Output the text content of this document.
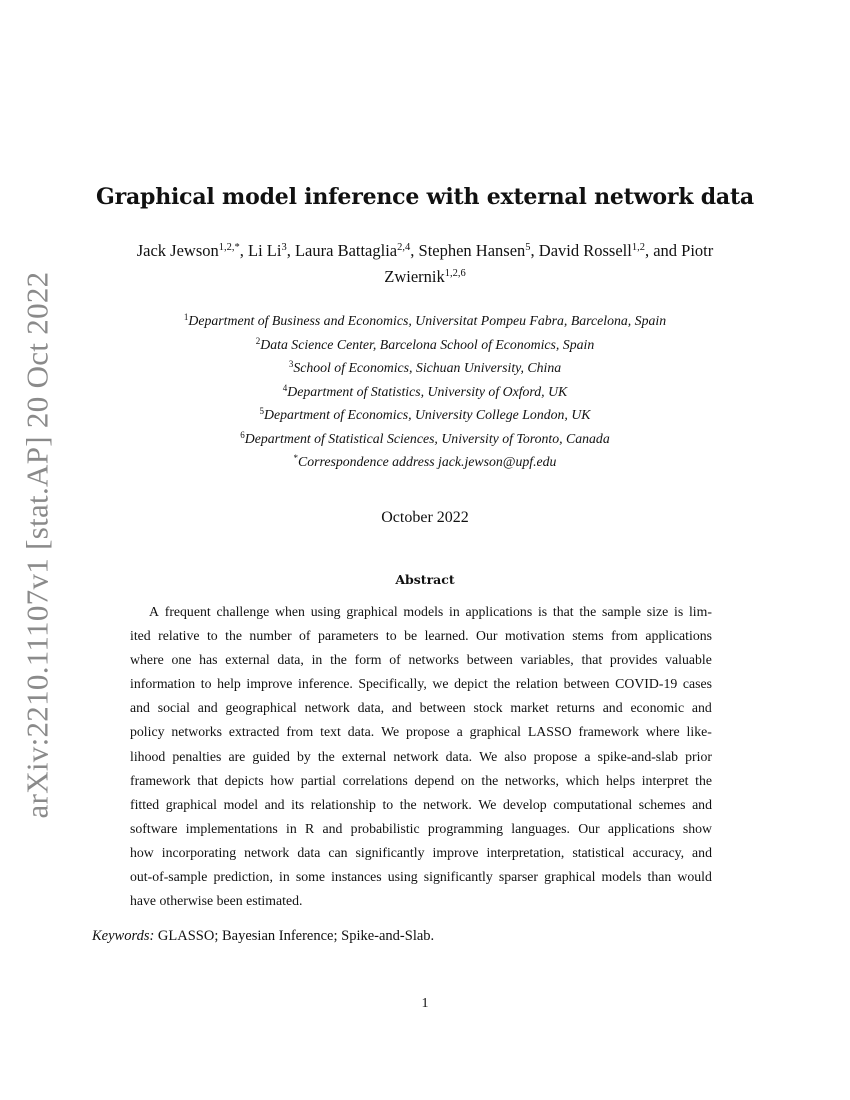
arXiv:2210.11107v1 [stat.AP] 20 Oct 2022
Graphical model inference with external network data
Jack Jewson$^{1,2,*}$, Li Li$^3$, Laura Battaglia$^{2,4}$, Stephen Hansen$^5$, David Rossell$^{1,2}$, and Piotr
Zwiernik$^{1,2,6}$
$^1$Department of Business and Economics, Universitat Pompeu Fabra, Barcelona, Spain
$^2$Data Science Center, Barcelona School of Economics, Spain
$^3$School of Economics, Sichuan University, China
$^4$Department of Statistics, University of Oxford, UK
$^5$Department of Economics, University College London, UK
$^6$Department of Statistical Sciences, University of Toronto, Canada
*Correspondence address jack.jewson@upf.edu
October 2022
Abstract
A frequent challenge when using graphical models in applications is that the sample size is lim-
ited relative to the number of parameters to be learned. Our motivation stems from applications
where one has external data, in the form of networks between variables, that provides valuable
information to help improve inference. Specifically, we depict the relation between COVID-19 cases
and social and geographical network data, and between stock market returns and economic and
policy networks extracted from text data. We propose a graphical LASSO framework where like-
lihood penalties are guided by the external network data. We also propose a spike-and-slab prior
framework that depicts how partial correlations depend on the networks, which helps interpret the
fitted graphical model and its relationship to the network. We develop computational schemes and
software implementations in R and probabilistic programming languages. Our applications show
how incorporating network data can significantly improve interpretation, statistical accuracy, and
out-of-sample prediction, in some instances using significantly sparser graphical models than would
have otherwise been estimated.
Keywords: GLASSO; Bayesian Inference; Spike-and-Slab.
1
